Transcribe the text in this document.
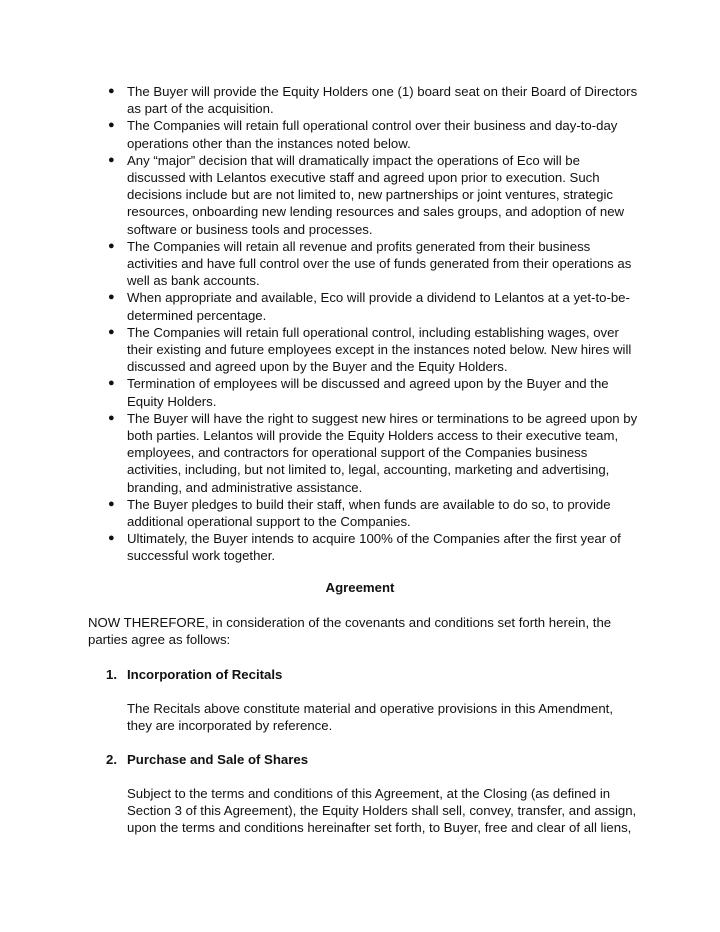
● The Buyer will provide the Equity Holders one (1) board seat on their Board of Directors as part of the acquisition.
● The Companies will retain full operational control over their business and day-to-day operations other than the instances noted below.
● Any “major” decision that will dramatically impact the operations of Eco will be discussed with Lelantos executive staff and agreed upon prior to execution. Such decisions include but are not limited to, new partnerships or joint ventures, strategic resources, onboarding new lending resources and sales groups, and adoption of new software or business tools and processes.
● The Companies will retain all revenue and profits generated from their business activities and have full control over the use of funds generated from their operations as well as bank accounts.
● When appropriate and available, Eco will provide a dividend to Lelantos at a yet-to-be-determined percentage.
● The Companies will retain full operational control, including establishing wages, over their existing and future employees except in the instances noted below. New hires will discussed and agreed upon by the Buyer and the Equity Holders.
● Termination of employees will be discussed and agreed upon by the Buyer and the Equity Holders.
● The Buyer will have the right to suggest new hires or terminations to be agreed upon by both parties. Lelantos will provide the Equity Holders access to their executive team, employees, and contractors for operational support of the Companies business activities, including, but not limited to, legal, accounting, marketing and advertising, branding, and administrative assistance.
● The Buyer pledges to build their staff, when funds are available to do so, to provide additional operational support to the Companies.
● Ultimately, the Buyer intends to acquire 100% of the Companies after the first year of successful work together.
Agreement

NOW THEREFORE, in consideration of the covenants and conditions set forth herein, the parties agree as follows:

1. Incorporation of Recitals

The Recitals above constitute material and operative provisions in this Amendment, they are incorporated by reference.

2. Purchase and Sale of Shares

Subject to the terms and conditions of this Agreement, at the Closing (as defined in Section 3 of this Agreement), the Equity Holders shall sell, convey, transfer, and assign, upon the terms and conditions hereinafter set forth, to Buyer, free and clear of all liens,
